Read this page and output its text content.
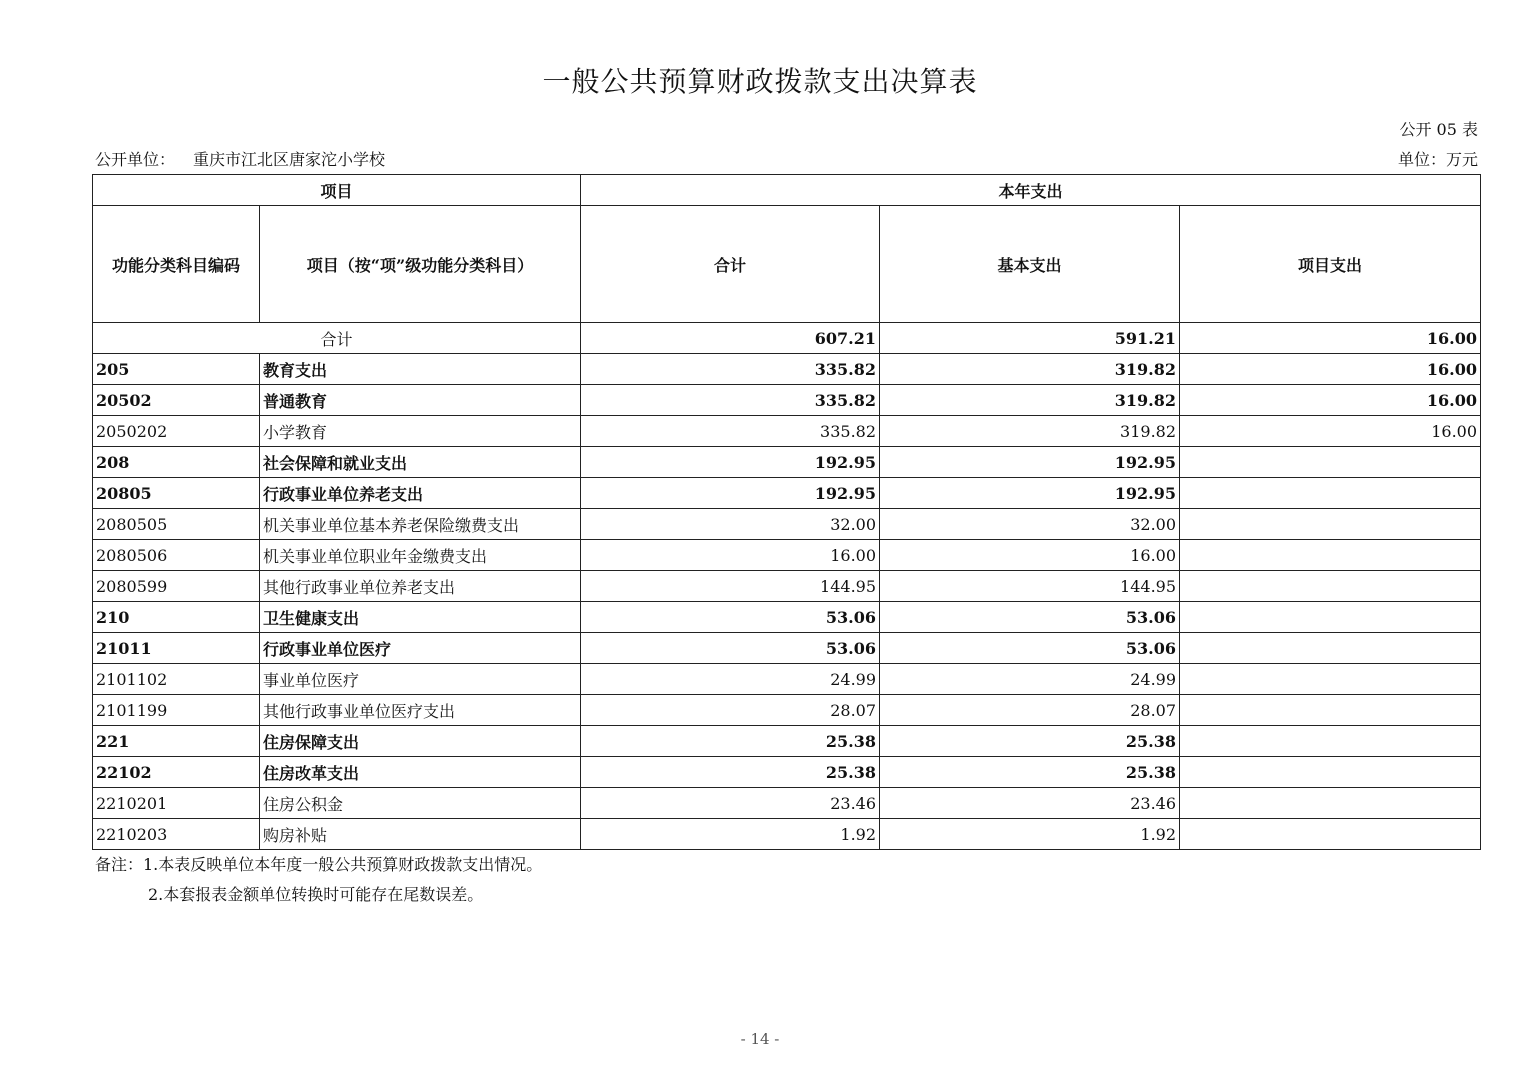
一般公共预算财政拨款支出决算表
公开 05 表
公开单位： 重庆市江北区唐家沱小学校	单位：万元
项目		本年支出		
功能分类科目编码	项目（按“项”级功能分类科目）	合计	基本支出	项目支出
合计		607.21	591.21	16.00
205	教育支出	335.82	319.82	16.00
20502	普通教育	335.82	319.82	16.00
2050202	小学教育	335.82	319.82	16.00
208	社会保障和就业支出	192.95	192.95	
20805	行政事业单位养老支出	192.95	192.95	
2080505	机关事业单位基本养老保险缴费支出	32.00	32.00	
2080506	机关事业单位职业年金缴费支出	16.00	16.00	
2080599	其他行政事业单位养老支出	144.95	144.95	
210	卫生健康支出	53.06	53.06	
21011	行政事业单位医疗	53.06	53.06	
2101102	事业单位医疗	24.99	24.99	
2101199	其他行政事业单位医疗支出	28.07	28.07	
221	住房保障支出	25.38	25.38	
22102	住房改革支出	25.38	25.38	
2210201	住房公积金	23.46	23.46	
2210203	购房补贴	1.92	1.92	
备注：1.本表反映单位本年度一般公共预算财政拨款支出情况。
2.本套报表金额单位转换时可能存在尾数误差。
- 14 -
